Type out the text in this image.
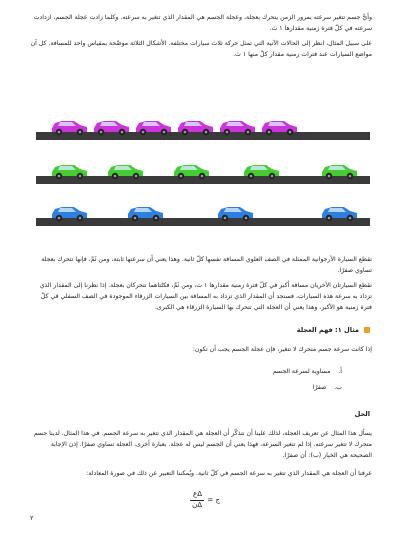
وأيُّ جسم تتغير سرعته بمرور الزمن يتحرك بعجلة، وعجلة الجسم هي المقدار الذي تتغير به سرعته. وكلما زادت عجلة الجسم، ازدادت سرعته في كلّ فترة زمنية مقدارها ١ ث.
على سبيل المثال، انظر إلى الحالات الآتية التي تمثل حركة ثلاث سيارات مختلفة. الأشكال الثلاثة موضّحة بمقياس واحد للمسافة. كل آن مواضع السيارات عند فترات زمنية مقدار كلّ منها ١ ث.
تقطع السيارة الأرجوانية الممثلة في الصف العلوي المسافة نفسها كلّ ثانية. وهذا يعني أن سرعتها ثابتة، ومن ثَمَّ، فإنها تتحرك بعجلة تساوي صفرًا.
تقطع السيارتان الأخريان مسافة أكبر في كلّ فترة زمنية مقدارها ١ ث، ومن ثَمَّ، فكلتاهما تتحركان بعجلة. إذا نظرنا إلى المقدار الذي تزداد به سرعة هذه السيارات، فسنجد أن المقدار الذي تزداد به المسافة بين السيارات الزرقاء الموجودة في الصف السفلي في كلّ فترة زمنية هو الأكبر. وهذا يعني أن العجلة التي تتحرك بها السيارة الزرقاء هي الكبرى.
مثال ١: فهم العجلة
إذا كانت سرعة جسم متحرك لا تتغير، فإن عجلة الجسم يجب أن تكون:
أ.    مساوية لسرعة الجسم
ب.    صفرًا
الحل
يسأل هذا المثال عن تعريف العجلة، لذلك علينا أن نتذكّر أن العجلة هي المقدار الذي تتغير به سرعة الجسم. في هذا المثال، لدينا جسم متحرك لا تتغير سرعته. إذا لم تتغير السرعة، فهذا يعني أن الجسم ليس له عجلة. بعبارة أخرى، العجلة تساوي صفرًا. إذن الإجابة الصحيحة هي الخيار (ب): أن صفرًا.
عرفنا أن العجلة هي المقدار الذي تتغير به سرعة الجسم في كلّ ثانية. ويُمكننا التعبير عن ذلك في صورة المعادلة:
ج =
Δع
Δن
٢
